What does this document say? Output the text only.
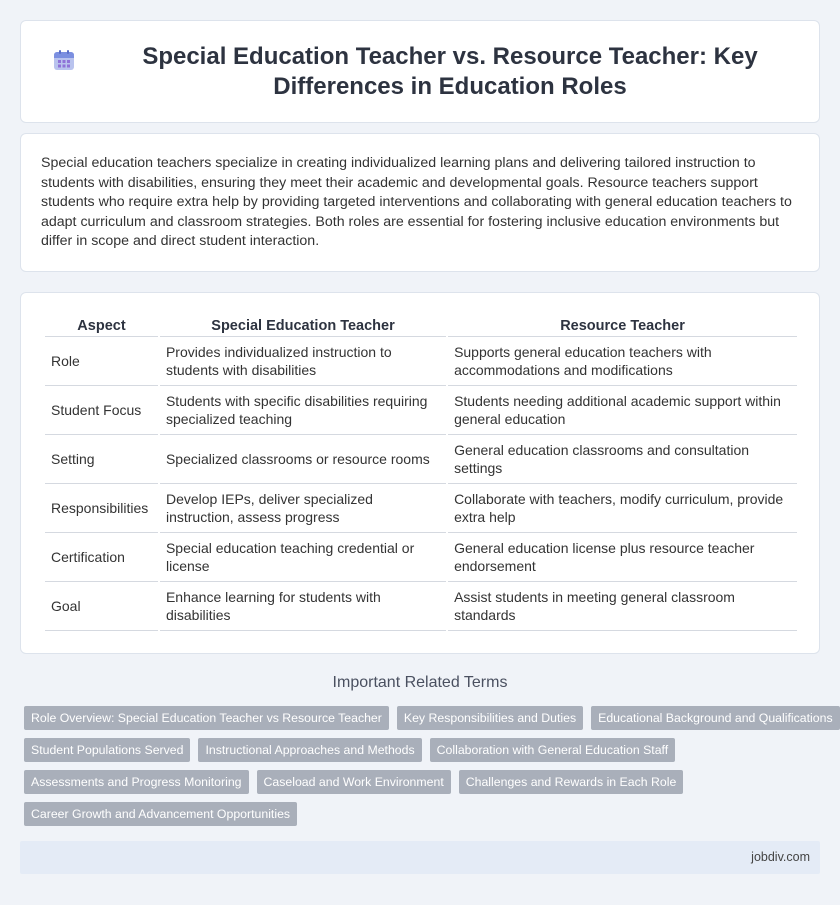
Special Education Teacher vs. Resource Teacher: Key Differences in Education Roles

Special education teachers specialize in creating individualized learning plans and delivering tailored instruction to students with disabilities, ensuring they meet their academic and developmental goals. Resource teachers support students who require extra help by providing targeted interventions and collaborating with general education teachers to adapt curriculum and classroom strategies. Both roles are essential for fostering inclusive education environments but differ in scope and direct student interaction.

Aspect	Special Education Teacher	Resource Teacher
Role	Provides individualized instruction to students with disabilities	Supports general education teachers with accommodations and modifications
Student Focus	Students with specific disabilities requiring specialized teaching	Students needing additional academic support within general education
Setting	Specialized classrooms or resource rooms	General education classrooms and consultation settings
Responsibilities	Develop IEPs, deliver specialized instruction, assess progress	Collaborate with teachers, modify curriculum, provide extra help
Certification	Special education teaching credential or license	General education license plus resource teacher endorsement
Goal	Enhance learning for students with disabilities	Assist students in meeting general classroom standards
Important Related Terms
Role Overview: Special Education Teacher vs Resource Teacher	Key Responsibilities and Duties	Educational Background and Qualifications
Student Populations Served	Instructional Approaches and Methods	Collaboration with General Education Staff
Assessments and Progress Monitoring	Caseload and Work Environment	Challenges and Rewards in Each Role
Career Growth and Advancement Opportunities
jobdiv.com
